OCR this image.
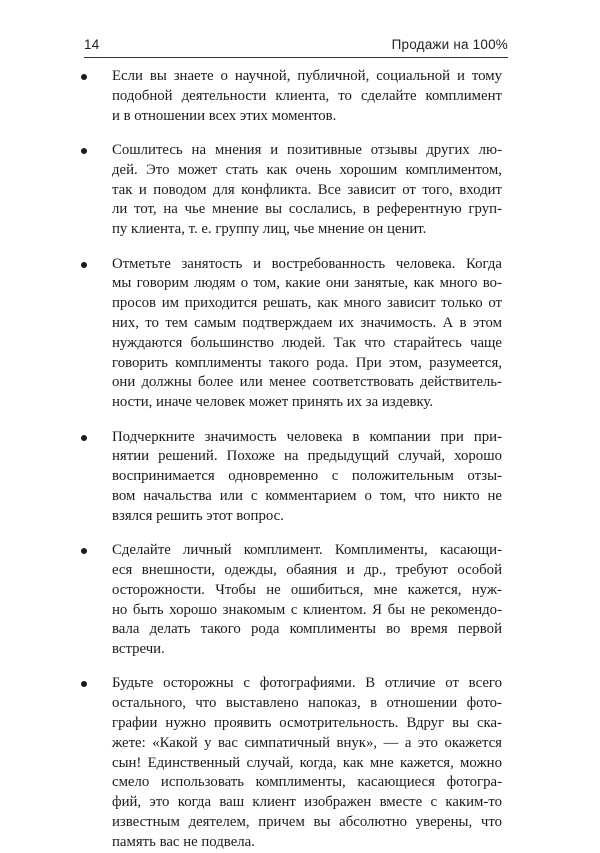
14	Продажи на 100%
Если вы знаете о научной, публичной, социальной и тому
подобной деятельности клиента, то сделайте комплимент
и в отношении всех этих моментов.
Сошлитесь на мнения и позитивные отзывы других лю-
дей. Это может стать как очень хорошим комплиментом,
так и поводом для конфликта. Все зависит от того, входит
ли тот, на чье мнение вы сослались, в референтную груп-
пу клиента, т. е. группу лиц, чье мнение он ценит.
Отметьте занятость и востребованность человека. Когда
мы говорим людям о том, какие они занятые, как много во-
просов им приходится решать, как много зависит только от
них, то тем самым подтверждаем их значимость. А в этом
нуждаются большинство людей. Так что старайтесь чаще
говорить комплименты такого рода. При этом, разумеется,
они должны более или менее соответствовать действитель-
ности, иначе человек может принять их за издевку.
Подчеркните значимость человека в компании при при-
нятии решений. Похоже на предыдущий случай, хорошо
воспринимается одновременно с положительным отзы-
вом начальства или с комментарием о том, что никто не
взялся решить этот вопрос.
Сделайте личный комплимент. Комплименты, касающи-
еся внешности, одежды, обаяния и др., требуют особой
осторожности. Чтобы не ошибиться, мне кажется, нуж-
но быть хорошо знакомым с клиентом. Я бы не рекомендо-
вала делать такого рода комплименты во время первой
встречи.
Будьте осторожны с фотографиями. В отличие от всего
остального, что выставлено напоказ, в отношении фото-
графии нужно проявить осмотрительность. Вдруг вы ска-
жете: «Какой у вас симпатичный внук», — а это окажется
сын! Единственный случай, когда, как мне кажется, можно
смело использовать комплименты, касающиеся фотогра-
фий, это когда ваш клиент изображен вместе с каким-то
известным деятелем, причем вы абсолютно уверены, что
память вас не подвела.
